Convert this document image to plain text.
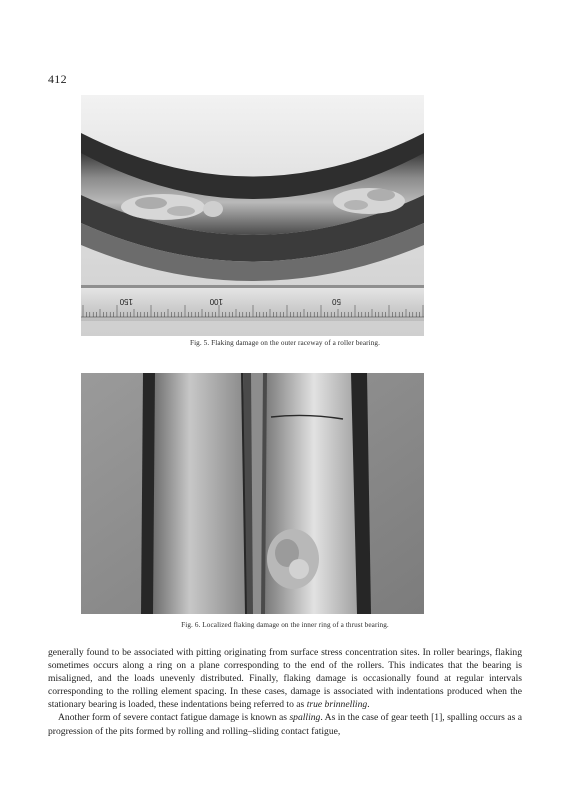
412
150	100	50
Fig. 5. Flaking damage on the outer raceway of a roller bearing.
Fig. 6. Localized flaking damage on the inner ring of a thrust bearing.

generally found to be associated with pitting originating from surface stress concentration sites. In roller bearings, flaking sometimes occurs along a ring on a plane corresponding to the end of the rollers. This indicates that the bearing is misaligned, and the loads unevenly distributed. Finally, flaking damage is occasionally found at regular intervals corresponding to the rolling element spacing. In these cases, damage is associated with indentations produced when the stationary bearing is loaded, these indentations being referred to as true brinnelling.

Another form of severe contact fatigue damage is known as spalling. As in the case of gear teeth [1], spalling occurs as a progression of the pits formed by rolling and rolling–sliding contact fatigue,
